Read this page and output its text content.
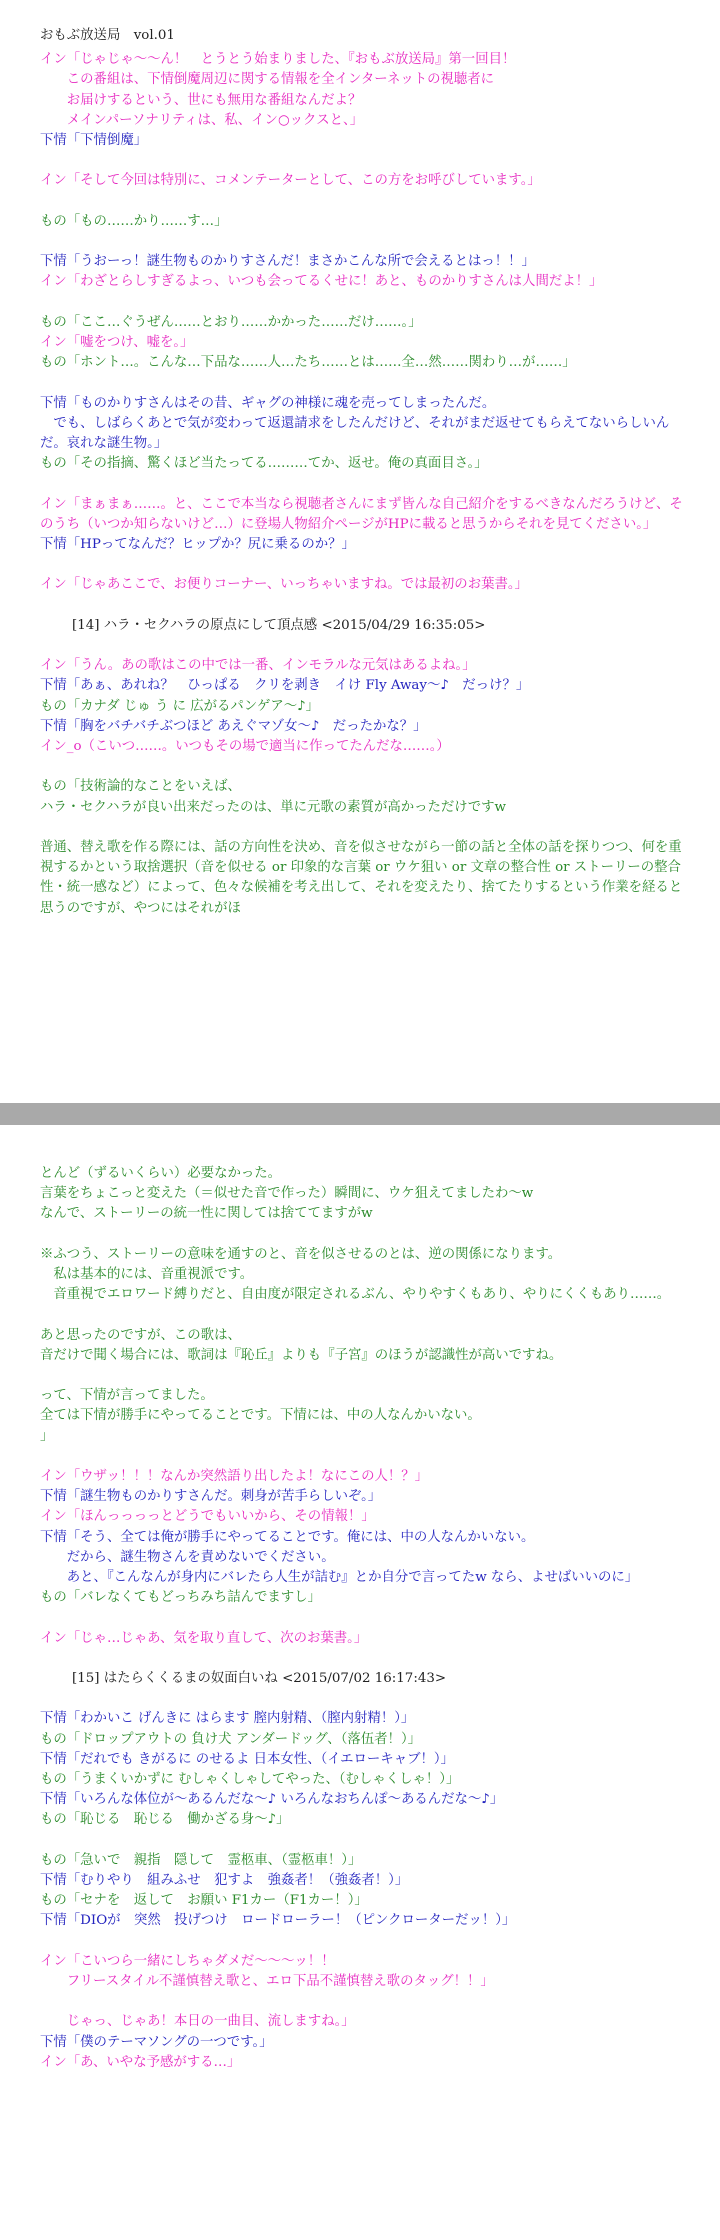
おもぶ放送局　vol.01
イン「じゃじゃ～～ん！　とうとう始まりました、『おもぶ放送局』第一回目！
　　この番組は、下情倒魔周辺に関する情報を全インターネットの視聴者に
　　お届けするという、世にも無用な番組なんだよ？
　　メインパーソナリティは、私、イン○ックスと、」
下情「下情倒魔」
イン「そして今回は特別に、コメンテーターとして、この方をお呼びしています。」
もの「もの……かり……す…」
下情「うおーっ！謎生物ものかりすさんだ！まさかこんな所で会えるとはっ！！」
イン「わざとらしすぎるよっ、いつも会ってるくせに！あと、ものかりすさんは人間だよ！」
もの「ここ…ぐうぜん……とおり……かかった……だけ……。」
イン「嘘をつけ、嘘を。」
もの「ホント…。こんな…下品な……人…たち……とは……全…然……関わり…が……」
下情「ものかりすさんはその昔、ギャグの神様に魂を売ってしまったんだ。
　でも、しばらくあとで気が変わって返還請求をしたんだけど、それがまだ返せてもらえてないらしいんだ。哀れな謎生物。」
もの「その指摘、驚くほど当たってる………てか、返せ。俺の真面目さ。」
イン「まぁまぁ……。と、ここで本当なら視聴者さんにまず皆んな自己紹介をするべきなんだろうけど、そのうち（いつか知らないけど…）に登場人物紹介ページがHPに載ると思うからそれを見てください。」
下情「HPってなんだ？ヒップか？尻に乗るのか？」
イン「じゃあここで、お便りコーナー、いっちゃいますね。では最初のお葉書。」
[14] ハラ・セクハラの原点にして頂点感 <2015/04/29 16:35:05>
イン「うん。あの歌はこの中では一番、インモラルな元気はあるよね。」
下情「あぁ、あれね？　ひっぱる　クリを剥き　イけ Fly Away～♪　だっけ？」
もの「カナダ じゅ う に 広がるパンゲア～♪」
下情「胸をバチバチぶつほど あえぐマゾ女～♪　だったかな？」
イン_o（こいつ……。いつもその場で適当に作ってたんだな……。）
もの「技術論的なことをいえば、
ハラ・セクハラが良い出来だったのは、単に元歌の素質が高かっただけですw
普通、替え歌を作る際には、話の方向性を決め、音を似させながら一節の話と全体の話を探りつつ、何を重視するかという取捨選択（音を似せる or 印象的な言葉 or ウケ狙い or 文章の整合性 or ストーリーの整合性・統一感など）によって、色々な候補を考え出して、それを変えたり、捨てたりするという作業を経ると思うのですが、やつにはそれがほ
とんど（ずるいくらい）必要なかった。
言葉をちょこっと変えた（＝似せた音で作った）瞬間に、ウケ狙えてましたわ～w
なんで、ストーリーの統一性に関しては捨ててますがw
※ふつう、ストーリーの意味を通すのと、音を似させるのとは、逆の関係になります。
　私は基本的には、音重視派です。
　音重視でエロワード縛りだと、自由度が限定されるぶん、やりやすくもあり、やりにくくもあり……。
あと思ったのですが、この歌は、
音だけで聞く場合には、歌詞は『恥丘』よりも『子宮』のほうが認識性が高いですね。
って、下情が言ってました。
全ては下情が勝手にやってることです。下情には、中の人なんかいない。
」
イン「ウザッ！！！なんか突然語り出したよ！なにこの人！？」
下情「謎生物ものかりすさんだ。刺身が苦手らしいぞ。」
イン「ほんっっっっとどうでもいいから、その情報！」
下情「そう、全ては俺が勝手にやってることです。俺には、中の人なんかいない。
　　だから、謎生物さんを責めないでください。
　　あと、『こんなんが身内にバレたら人生が詰む』とか自分で言ってたw なら、よせばいいのに」
もの「バレなくてもどっちみち詰んでますし」
イン「じゃ…じゃあ、気を取り直して、次のお葉書。」
[15] はたらくくるまの奴面白いね <2015/07/02 16:17:43>
下情「わかいこ げんきに はらます 膣内射精、（膣内射精！）」
もの「ドロップアウトの 負け犬 アンダードッグ、（落伍者！）」
下情「だれでも きがるに のせるよ 日本女性、（イエローキャブ！）」
もの「うまくいかずに むしゃくしゃしてやった、（むしゃくしゃ！）」
下情「いろんな体位が～あるんだな～♪ いろんなおちんぽ～あるんだな～♪」
もの「恥じる　恥じる　働かざる身～♪」
もの「急いで　親指　隠して　霊柩車、（霊柩車！）」
下情「むりやり　組みふせ　犯すよ　強姦者！（強姦者！）」
もの「セナを　返して　お願い F1カー（F1カー！）」
下情「DIOが　突然　投げつけ　ロードローラー！（ピンクローターだッ！）」
イン「こいつら一緒にしちゃダメだ～～～ッ！！
　　フリースタイル不謹慎替え歌と、エロ下品不謹慎替え歌のタッグ！！」
　　じゃっ、じゃあ！本日の一曲目、流しますね。」
下情「僕のテーマソングの一つです。」
イン「あ、いやな予感がする…」
